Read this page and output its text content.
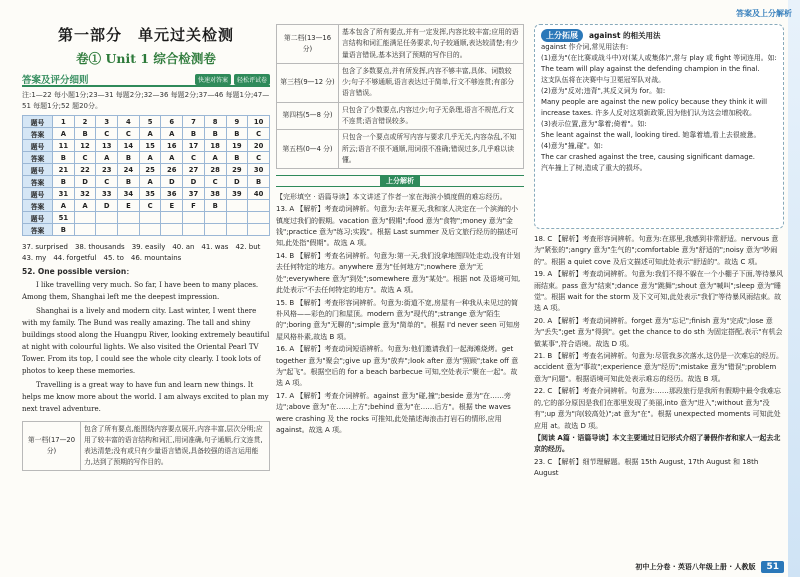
答案及上分解析
第一部分　单元过关检测
卷① Unit 1 综合检测卷
答案及评分细则	快速对答案	轻松评试卷
注:1—22 每小题1分;23—31 每题2分;32—36 每题2分;37—46 每题1分;47—51 每题1分;52 题20分。
题号	1	2	3	4	5	6	7	8	9	10
答案	A	B	C	C	A	A	B	B	B	C
题号	11	12	13	14	15	16	17	18	19	20
答案	B	C	A	B	A	A	C	A	B	C
题号	21	22	23	24	25	26	27	28	29	30
答案	B	D	C	B	A	D	D	C	D	B
题号	31	32	33	34	35	36	37	38	39	40
答案	A	A	D	E	C	E	F	B		
题号	51									
答案	B									
37. surprised　38. thousands　39. easily　40. an　41. was　42. but
43. my　44. forgetful　45. to　46. mountains
52. One possible version：

I like travelling very much. So far, I have been to many places. Among them, Shanghai left me the deepest impression.

Shanghai is a lively and modern city. Last winter, I went there with my family. The Bund was really amazing. The tall and shiny buildings stood along the Huangpu River, looking extremely beautiful at night with colourful lights. We also visited the Oriental Pearl TV Tower. From its top, I could see the whole city clearly. I took lots of photos to keep these memories.

Travelling is a great way to have fun and learn new things. It helps me know more about the world. I am always excited to plan my next travel adventure.

第一档(17—20 分)	包含了所有要点,能围绕内容要点展开,内容丰富,层次分明;应用了较丰富的语言结构和词汇,用词准确,句子通顺,行文连贯,表达清楚;没有或只有少量语言错误,具备较强的语言运用能力,达到了预期的写作目的。
第二档(13—16 分)	基本包含了所有要点,并有一定发挥,内容比较丰富;应用的语言结构和词汇能满足任务要求,句子较通顺,表达较清楚;有少量语言错误,基本达到了预期的写作目的。
第三档(9—12 分)	包含了多数要点,并有所发挥,内容不够丰富,具体、词数较少;句子不够通顺,语言表达过于简单,行文不够连贯;有部分语言错误。
第四档(5—8 分)	只包含了少数要点,内容过少;句子无条理,语言不规范,行文不连贯;语言错误较多。
第五档(0—4 分)	只包含一个要点或所写内容与要求几乎无关,内容杂乱,不知所云;语言不很不通顺,用词很不准确;错误过多,几乎难以读懂。
上分解析
【完形填空 · 语篇导读】本文讲述了作者一家在海滨小镇度假的难忘经历。
13. A 【解析】考查动词辨析。句意为:去年夏天,我和家人决定在一个滨海的小镇度过我们的假期。vacation 意为"假期";food 意为"食物";money 意为"金钱";practice 意为"练习;实践"。根据 Last summer 及后文旅行经历的描述可知,此处指"假期"。故选 A 项。
14. B 【解析】考查名词辨析。句意为:第一天,我们没拿地图四处走动,没有计划去任何特定的地方。anywhere 意为"任何地方";nowhere 意为"无处";everywhere 意为"到处";somewhere 意为"某处"。根据 not 及语境可知,此处表示"不去任何特定的地方"。故选 A 项。
15. B 【解析】考查形容词辨析。句意为:街道不宽,房屋有一种我从未见过的简朴风格——彩色的门和屋顶。modern 意为"现代的";strange 意为"陌生的";boring 意为"无聊的";simple 意为"简单的"。根据 I'd never seen 可知房屋风格朴素,故选 B 项。
16. A 【解析】考查动词短语辨析。句意为:他们邀请我们一起海滩烧烤。get together 意为"聚会";give up 意为"放弃";look after 意为"照顾";take off 意为"起飞"。根据空后的 for a beach barbecue 可知,空处表示"聚在一起"。故选 A 项。
17. A 【解析】考查介词辨析。against 意为"碰,撞";beside 意为"在……旁边";above 意为"在……上方";behind 意为"在……后方"。根据 the waves were crashing 及 the rocks 可推知,此处描述海浪击打岩石的情形,应用 against。故选 A 项。
上分拓展	against 的相关用法
against 作介词,常见用法有:
(1)意为"(在比赛或战斗中)对(某人或集体)",常与 play 或 fight 等词连用。如:
The team will play against the defending champion in the final.
这支队伍将在决赛中与卫冕冠军队对战。
(2)意为"反对;违背",其反义词为 for。如:
Many people are against the new policy because they think it will increase taxes. 许多人反对这项新政策,因为他们认为这会增加税收。
(3)表示位置,意为"靠着;倚着"。如:
She leant against the wall, looking tired. 她靠着墙,看上去很疲惫。
(4)意为"撞,碰"。如:
The car crashed against the tree, causing significant damage.
汽车撞上了树,造成了重大的损坏。
18. C 【解析】考查形容词辨析。句意为:在那里,我感到非常舒适。nervous 意为"紧张的";angry 意为"生气的";comfortable 意为"舒适的";noisy 意为"吵闹的"。根据 a quiet cove 及后文描述可知此处表示"舒适的"。故选 C 项。
19. A 【解析】考查动词辨析。句意为:我们不得不躲在一个小棚子下面,等待暴风雨结束。pass 意为"结束";dance 意为"跳舞";shout 意为"喊叫";sleep 意为"睡觉"。根据 wait for the storm 及下文可知,此处表示"我们"等待暴风雨结束。故选 A 项。
20. A 【解析】考查动词辨析。forget 意为"忘记";finish 意为"完成";lose 意为"丢失";get 意为"得到"。get the chance to do sth 为固定搭配,表示"有机会做某事",符合语境。故选 D 项。
21. B 【解析】考查名词辨析。句意为:尽管我多次落水,这仍是一次难忘的经历。accident 意为"事故";experience 意为"经历";mistake 意为"错误";problem 意为"问题"。根据语境可知此处表示难忘的经历。故选 B 项。
22. C 【解析】考查介词辨析。句意为:……那段旅行是我所有假期中最令我难忘的,它的部分原因是我们在那里发现了美丽,into 意为"进入";without 意为"没有";up 意为"向(较高处)";at 意为"在"。根据 unexpected moments 可知此处应用 at。故选 D 项。
【阅读 A篇 · 语篇导读】本文主要通过日记形式介绍了暑假作者和家人一起去北京的经历。
23. C 【解析】细节理解题。根据 15th August, 17th August 和 18th August
初中上分卷 · 英语八年级上册 · 人教版	51
